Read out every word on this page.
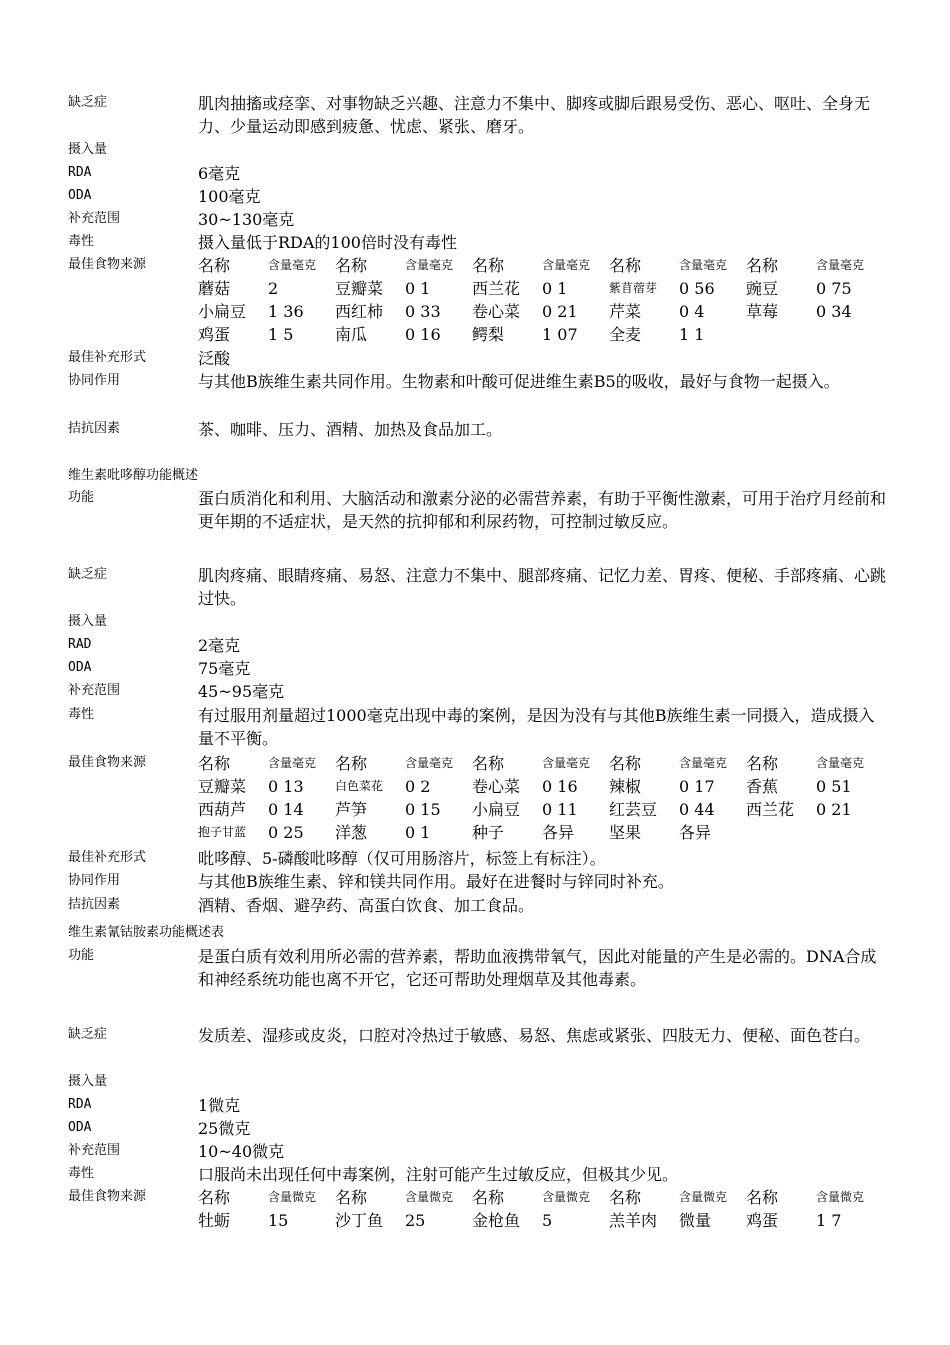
缺乏症	肌肉抽搐或痉挛、对事物缺乏兴趣、注意力不集中、脚疼或脚后跟易受伤、恶心、呕吐、全身无力、少量运动即感到疲惫、忧虑、紧张、磨牙。
摄入量
RDA	6毫克
ODA	100毫克
补充范围	30~130毫克
毒性	摄入量低于RDA的100倍时没有毒性
最佳食物来源	名称	含量毫克 名称	含量毫克 名称	含量毫克 名称	含量毫克 名称	含量毫克
蘑菇 2	豆瓣菜 0 1	西兰花 0 1	紫苜蓿芽 0 56 豌豆 0 75
小扁豆 1 36 西红柿 0 33 卷心菜 0 21 芹菜 0 4	草莓 0 34
鸡蛋 1 5	南瓜 0 16 鳄梨 1 07 全麦 1 1
最佳补充形式	泛酸
协同作用	与其他B族维生素共同作用。生物素和叶酸可促进维生素B5的吸收，最好与食物一起摄入。
拮抗因素	茶、咖啡、压力、酒精、加热及食品加工。
维生素吡哆醇功能概述
功能	蛋白质消化和利用、大脑活动和激素分泌的必需营养素，有助于平衡性激素，可用于治疗月经前和更年期的不适症状，是天然的抗抑郁和利尿药物，可控制过敏反应。
缺乏症	肌肉疼痛、眼睛疼痛、易怒、注意力不集中、腿部疼痛、记忆力差、胃疼、便秘、手部疼痛、心跳过快。
摄入量
RAD	2毫克
ODA	75毫克
补充范围	45~95毫克
毒性	有过服用剂量超过1000毫克出现中毒的案例，是因为没有与其他B族维生素一同摄入，造成摄入量不平衡。
最佳食物来源	名称	含量毫克 名称	含量毫克 名称	含量毫克 名称	含量毫克 名称	含量毫克
豆瓣菜 0 13	白色菜花 0 2	卷心菜 0 16 辣椒 0 17 香蕉 0 51
西葫芦 0 14 芦笋 0 15 小扁豆 0 11 红芸豆 0 44 西兰花 0 21
抱子甘蓝 0 25 洋葱 0 1	种子 各异 坚果 各异
最佳补充形式	吡哆醇、5-磷酸吡哆醇（仅可用肠溶片，标签上有标注）。
协同作用	与其他B族维生素、锌和镁共同作用。最好在进餐时与锌同时补充。
拮抗因素	酒精、香烟、避孕药、高蛋白饮食、加工食品。
维生素氰钴胺素功能概述表
功能	是蛋白质有效利用所必需的营养素，帮助血液携带氧气，因此对能量的产生是必需的。DNA合成和神经系统功能也离不开它，它还可帮助处理烟草及其他毒素。
缺乏症	发质差、湿疹或皮炎，口腔对冷热过于敏感、易怒、焦虑或紧张、四肢无力、便秘、面色苍白。
摄入量
RDA	1微克
ODA	25微克
补充范围	10~40微克
毒性	口服尚未出现任何中毒案例，注射可能产生过敏反应，但极其少见。
最佳食物来源	名称	含量微克 名称	含量微克 名称	含量微克 名称	含量微克 名称	含量微克
牡蛎 15	沙丁鱼 25	金枪鱼 5	羔羊肉 微量 鸡蛋 1 7
